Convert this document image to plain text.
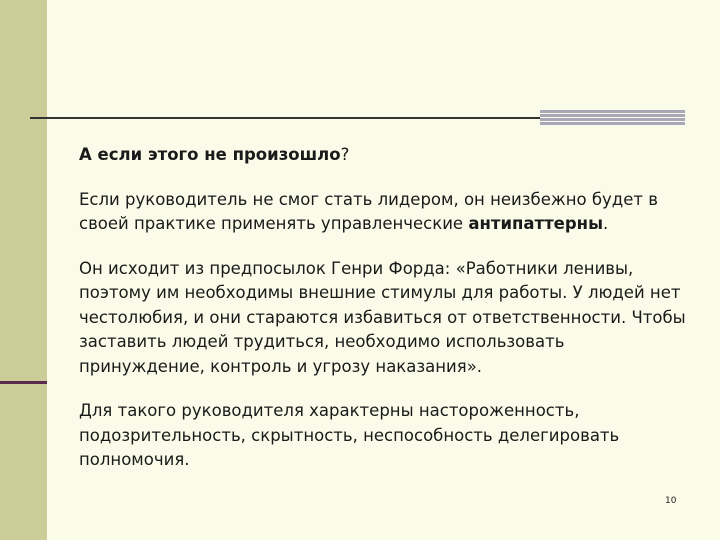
А если этого не произошло?

Если руководитель не смог стать лидером, он неизбежно будет в своей практике применять управленческие антипаттерны.

Он исходит из предпосылок Генри Форда: «Работники ленивы, поэтому им необходимы внешние стимулы для работы. У людей нет честолюбия, и они стараются избавиться от ответственности. Чтобы заставить людей трудиться, необходимо использовать принуждение, контроль и угрозу наказания».

Для такого руководителя характерны настороженность, подозрительность, скрытность, неспособность делегировать полномочия.

10
